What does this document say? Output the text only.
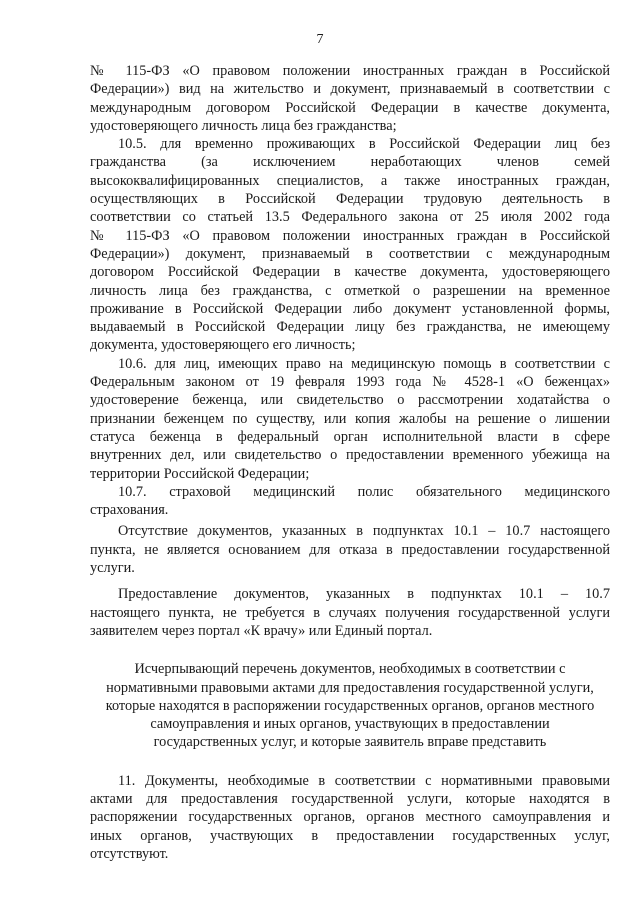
7
№ 115-ФЗ «О правовом положении иностранных граждан в Российской
Федерации») вид на жительство и документ, признаваемый в соответствии с
международным договором Российской Федерации в качестве документа,
удостоверяющего личность лица без гражданства;
10.5. для временно проживающих в Российской Федерации лиц без
гражданства (за исключением неработающих членов семей
высококвалифицированных специалистов, а также иностранных граждан,
осуществляющих в Российской Федерации трудовую деятельность в
соответствии со статьей 13.5 Федерального закона от 25 июля 2002 года
№ 115-ФЗ «О правовом положении иностранных граждан в Российской
Федерации») документ, признаваемый в соответствии с международным
договором Российской Федерации в качестве документа, удостоверяющего
личность лица без гражданства, с отметкой о разрешении на временное
проживание в Российской Федерации либо документ установленной формы,
выдаваемый в Российской Федерации лицу без гражданства, не имеющему
документа, удостоверяющего его личность;
10.6. для лиц, имеющих право на медицинскую помощь в соответствии с
Федеральным законом от 19 февраля 1993 года № 4528-1 «О беженцах»
удостоверение беженца, или свидетельство о рассмотрении ходатайства о
признании беженцем по существу, или копия жалобы на решение о лишении
статуса беженца в федеральный орган исполнительной власти в сфере
внутренних дел, или свидетельство о предоставлении временного убежища на
территории Российской Федерации;
10.7. страховой медицинский полис обязательного медицинского
страхования.
Отсутствие документов, указанных в подпунктах 10.1 – 10.7 настоящего
пункта, не является основанием для отказа в предоставлении государственной
услуги.
Предоставление документов, указанных в подпунктах 10.1 – 10.7
настоящего пункта, не требуется в случаях получения государственной услуги
заявителем через портал «К врачу» или Единый портал.
Исчерпывающий перечень документов, необходимых в соответствии с
нормативными правовыми актами для предоставления государственной услуги,
которые находятся в распоряжении государственных органов, органов местного
самоуправления и иных органов, участвующих в предоставлении
государственных услуг, и которые заявитель вправе представить
11. Документы, необходимые в соответствии с нормативными правовыми
актами для предоставления государственной услуги, которые находятся в
распоряжении государственных органов, органов местного самоуправления и
иных органов, участвующих в предоставлении государственных услуг,
отсутствуют.
